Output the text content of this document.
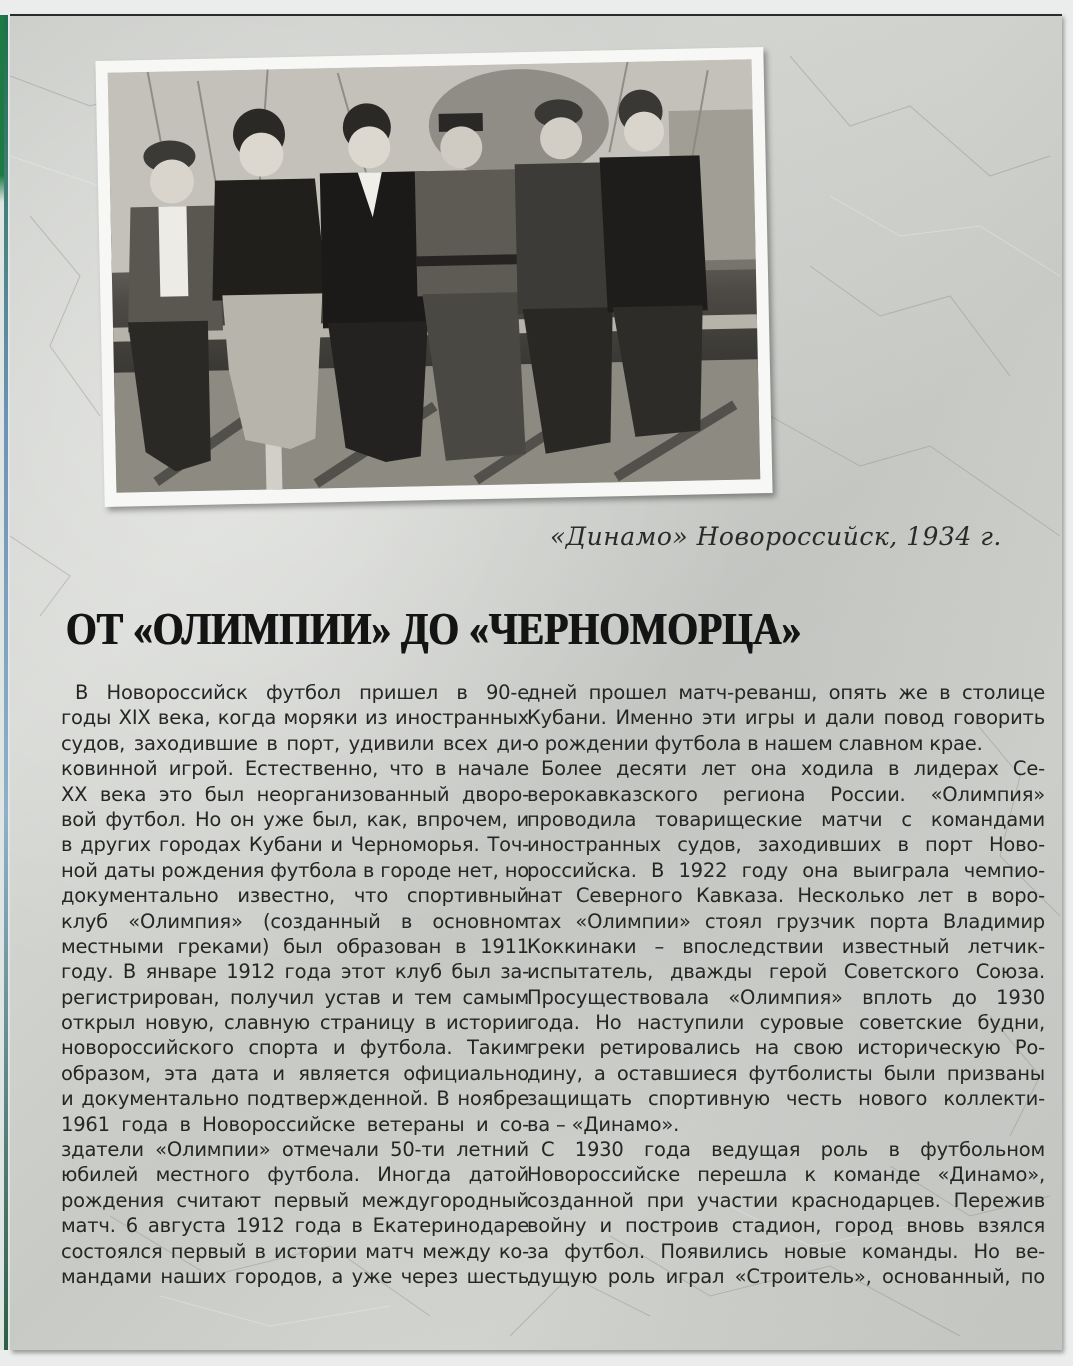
«Динамо» Новороссийск, 1934 г.
ОТ «ОЛИМПИИ» ДО «ЧЕРНОМОРЦА»
В Новороссийск футбол пришел в 90-е
годы XIX века, когда моряки из иностранных
судов, заходившие в порт, удивили всех ди-
ковинной игрой. Естественно, что в начале
XX века это был неорганизованный дворо-
вой футбол. Но он уже был, как, впрочем, и
в других городах Кубани и Черноморья. Точ-
ной даты рождения футбола в городе нет, но
документально известно, что спортивный
клуб «Олимпия» (созданный в основном
местными греками) был образован в 1911
году. В январе 1912 года этот клуб был за-
регистрирован, получил устав и тем самым
открыл новую, славную страницу в истории
новороссийского спорта и футбола. Таким
образом, эта дата и является официально
и документально подтвержденной. В ноябре
1961 года в Новороссийске ветераны и со-
здатели «Олимпии» отмечали 50-ти летний
юбилей местного футбола. Иногда датой
рождения считают первый междугородный
матч. 6 августа 1912 года в Екатеринодаре
состоялся первый в истории матч между ко-
мандами наших городов, а уже через шесть
дней прошел матч-реванш, опять же в столице
Кубани. Именно эти игры и дали повод говорить
о рождении футбола в нашем славном крае.
Более десяти лет она ходила в лидерах Се-
верокавказского региона России. «Олимпия»
проводила товарищеские матчи с командами
иностранных судов, заходивших в порт Ново-
российска. В 1922 году она выиграла чемпио-
нат Северного Кавказа. Несколько лет в воро-
тах «Олимпии» стоял грузчик порта Владимир
Коккинаки – впоследствии известный летчик-
испытатель, дважды герой Советского Союза.
Просуществовала «Олимпия» вплоть до 1930
года. Но наступили суровые советские будни,
греки ретировались на свою историческую Ро-
дину, а оставшиеся футболисты были призваны
защищать спортивную честь нового коллекти-
ва – «Динамо».
С 1930 года ведущая роль в футбольном
Новороссийске перешла к команде «Динамо»,
созданной при участии краснодарцев. Пережив
войну и построив стадион, город вновь взялся
за футбол. Появились новые команды. Но ве-
дущую роль играл «Строитель», основанный, по
